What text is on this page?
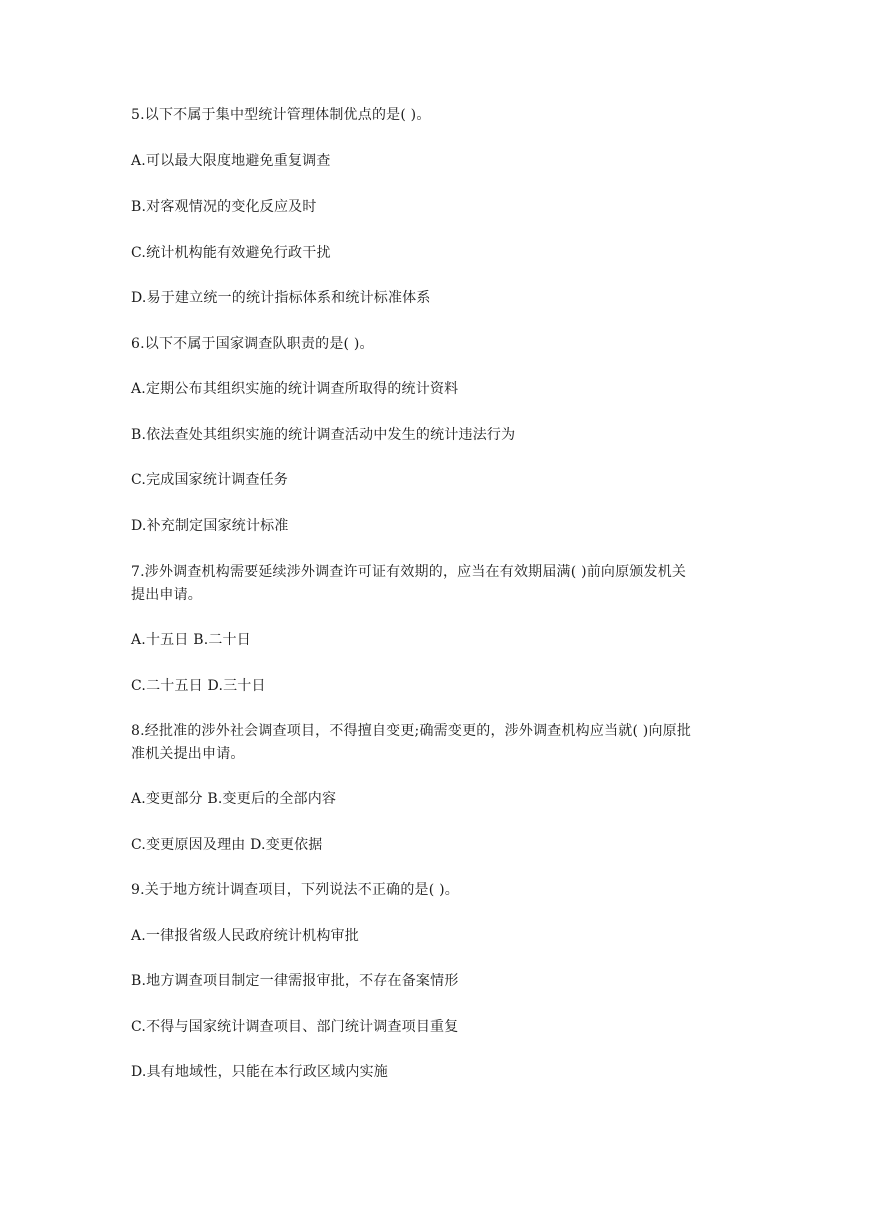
5.以下不属于集中型统计管理体制优点的是( )。
A.可以最大限度地避免重复调查
B.对客观情况的变化反应及时
C.统计机构能有效避免行政干扰
D.易于建立统一的统计指标体系和统计标准体系
6.以下不属于国家调查队职责的是( )。
A.定期公布其组织实施的统计调查所取得的统计资料
B.依法查处其组织实施的统计调查活动中发生的统计违法行为
C.完成国家统计调查任务
D.补充制定国家统计标准
7.涉外调查机构需要延续涉外调查许可证有效期的，应当在有效期届满( )前向原颁发机关
提出申请。
A.十五日 B.二十日
C.二十五日 D.三十日
8.经批准的涉外社会调查项目，不得擅自变更;确需变更的，涉外调查机构应当就( )向原批
准机关提出申请。
A.变更部分 B.变更后的全部内容
C.变更原因及理由 D.变更依据
9.关于地方统计调查项目，下列说法不正确的是( )。
A.一律报省级人民政府统计机构审批
B.地方调查项目制定一律需报审批，不存在备案情形
C.不得与国家统计调查项目、部门统计调查项目重复
D.具有地域性，只能在本行政区域内实施
